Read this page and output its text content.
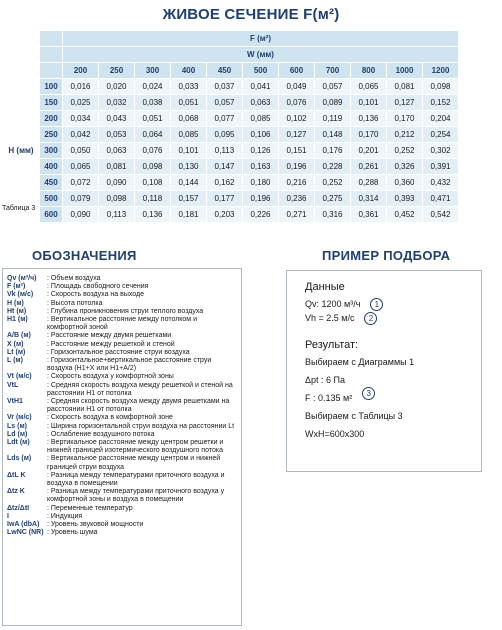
ЖИВОЕ СЕЧЕНИЕ F(м²)
		F (м²)										
		W (мм)										
		200	250	300	400	450	500	600	700	800	1000	1200
	100	0,016	0,020	0,024	0,033	0,037	0,041	0,049	0,057	0,065	0,081	0,098
	150	0,025	0,032	0,038	0,051	0,057	0,063	0,076	0,089	0,101	0,127	0,152
	200	0,034	0,043	0,051	0,068	0,077	0,085	0,102	0,119	0,136	0,170	0,204
	250	0,042	0,053	0,064	0,085	0,095	0,106	0,127	0,148	0,170	0,212	0,254
H (мм)	300	0,050	0,063	0,076	0,101	0,113	0,126	0,151	0,176	0,201	0,252	0,302
	400	0,065	0,081	0,098	0,130	0,147	0,163	0,196	0,228	0,261	0,326	0,391
	450	0,072	0,090	0,108	0,144	0,162	0,180	0,216	0,252	0,288	0,360	0,432
	500	0,079	0,098	0,118	0,157	0,177	0,196	0,236	0,275	0,314	0,393	0,471
	600	0,090	0,113	0,136	0,181	0,203	0,226	0,271	0,316	0,361	0,452	0,542
Таблица 3
ОБОЗНАЧЕНИЯ	ПРИМЕР ПОДБОРА
Qv (м³/ч)	: Объем воздуха
F (м²)	: Площадь свободного сечения
Vk (м/с)	: Скорость воздуха на выходе
H (м)	: Высота потолка
Ht (м)	: Глубина проникновения струи теплого воздуха
H1 (м)	: Вертикальное расстояние между потолком и комфортной зоной
A/B (м)	: Расстояние между двумя решетками
X (м)	: Расстояние между решеткой и стеной
Lt (м)	: Горизонтальное расстояние струи воздуха
L (м)	: Горизонтальное+вертикальное расстояние струи воздуха (H1+X или H1+A/2)
Vt (м/с)	: Скорость воздуха у комфортной зоны
VtL	: Средняя скорость воздуха между решеткой и стеной на расстоянии H1 от потолка
VtH1	: Средняя скорость воздуха между двумя решетками на расстоянии H1 от потолка
Vr (м/с)	: Скорость воздуха в комфортной зоне
Ls (м)	: Ширина горизонтальной струи воздуха на расстоянии Lt
Ld (м)	: Ослабление воздушного потока
Ldt (м)	: Вертикальное расстояние между центром решетки и нижней границей изотермического воздушного потока
Lds (м)	: Вертикальное расстояние между центром и нижней границей струи воздуха
ΔtL K	: Разница между температурами приточного воздуха и воздуха в помещении
Δtz K	: Разница между температурами приточного воздуха у комфортной зоны и воздуха в помещении
Δtz/ΔtI	: Переменные температур
I	: Индукция
IwA (dbA)	: Уровень звуковой мощности
LwNC (NR) : Уровень шума
Данные
Qv: 1200 м³/ч	1
Vh = 2.5 м/с	2
Результат:
Выбираем с Диаграммы 1
Δpt : 6 Па
F : 0.135 м²	3
Выбираем с Таблицы 3
WxH=600x300
